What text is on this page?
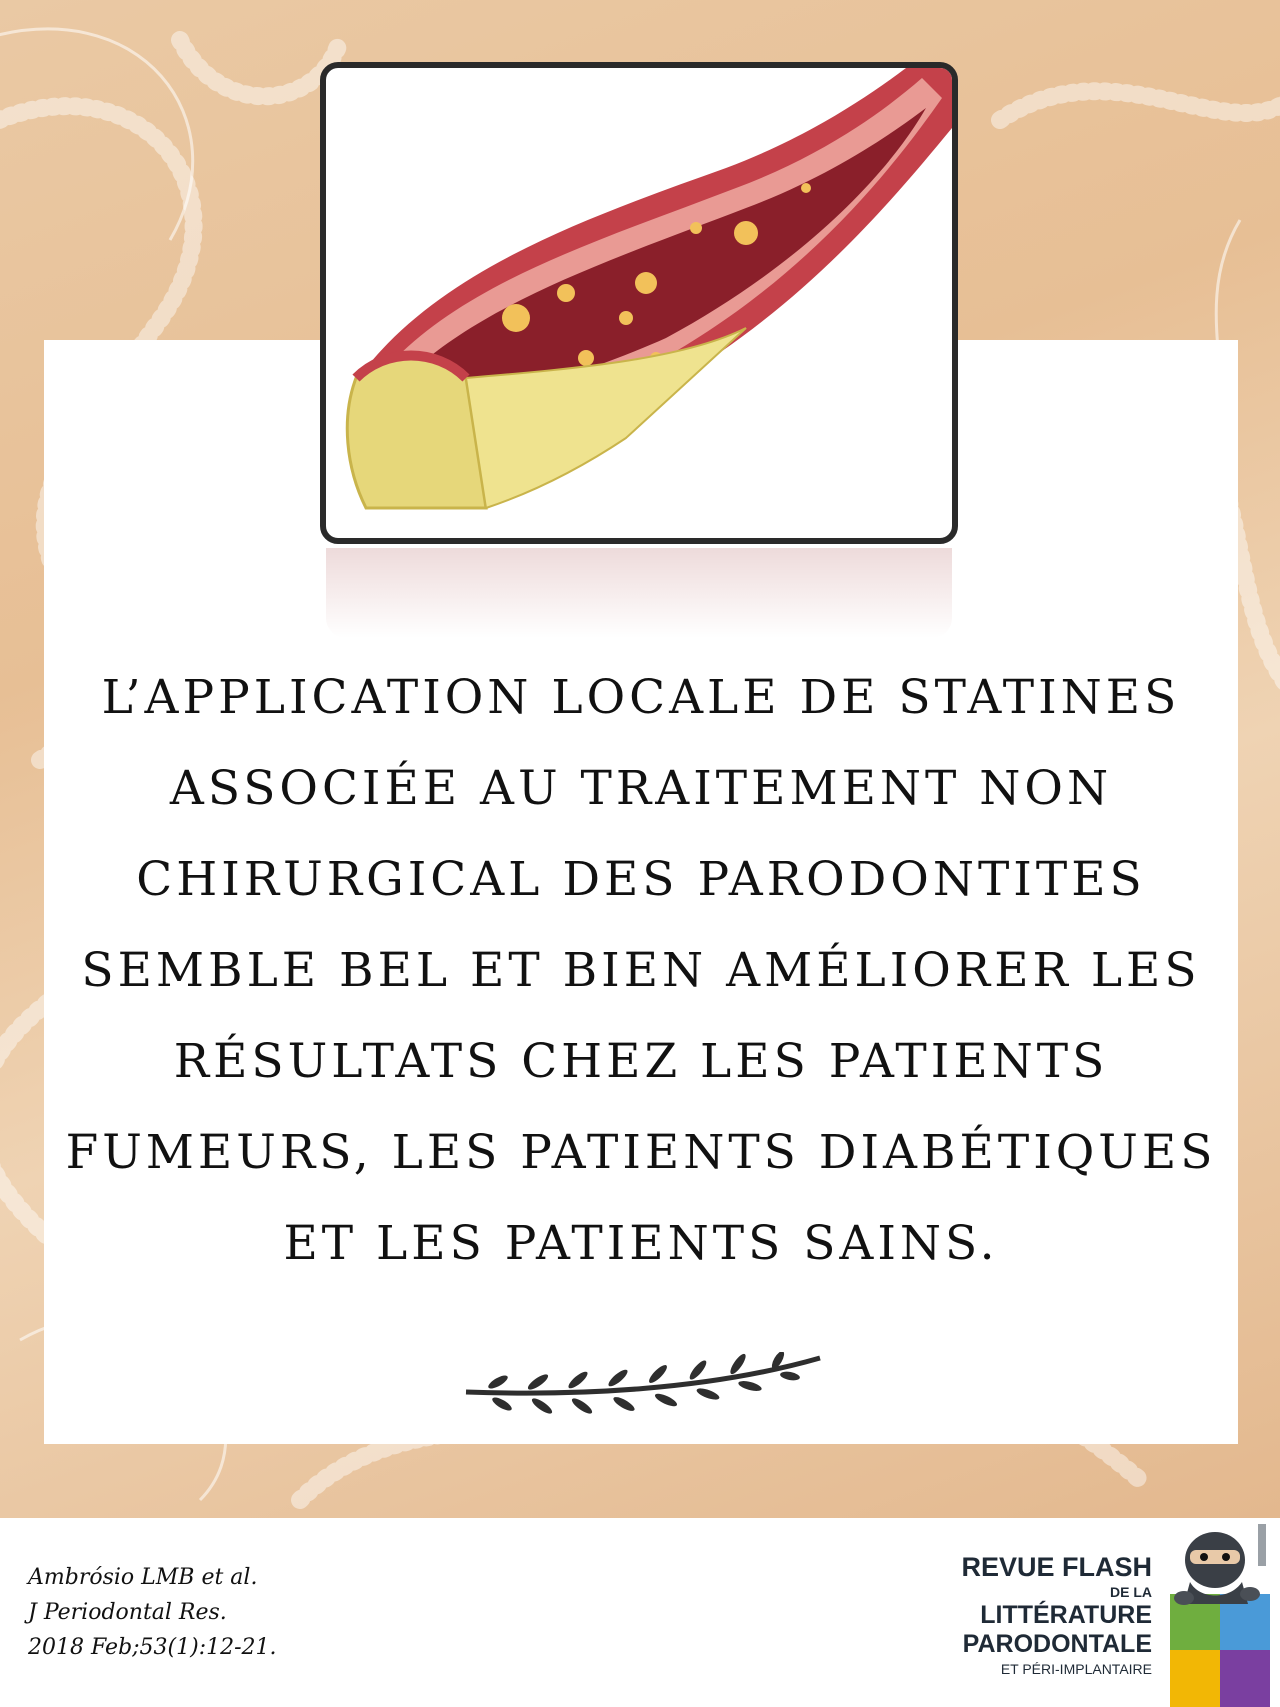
L’APPLICATION LOCALE DE STATINES
ASSOCIÉE AU TRAITEMENT NON
CHIRURGICAL DES PARODONTITES
SEMBLE BEL ET BIEN AMÉLIORER LES
RÉSULTATS CHEZ LES PATIENTS
FUMEURS, LES PATIENTS DIABÉTIQUES
ET LES PATIENTS SAINS.

Ambrósio LMB et al.
J Periodontal Res.
2018 Feb;53(1):12-21.
REVUE FLASH
DE LA
LITTÉRATURE
PARODONTALE
ET PÉRI-IMPLANTAIRE
